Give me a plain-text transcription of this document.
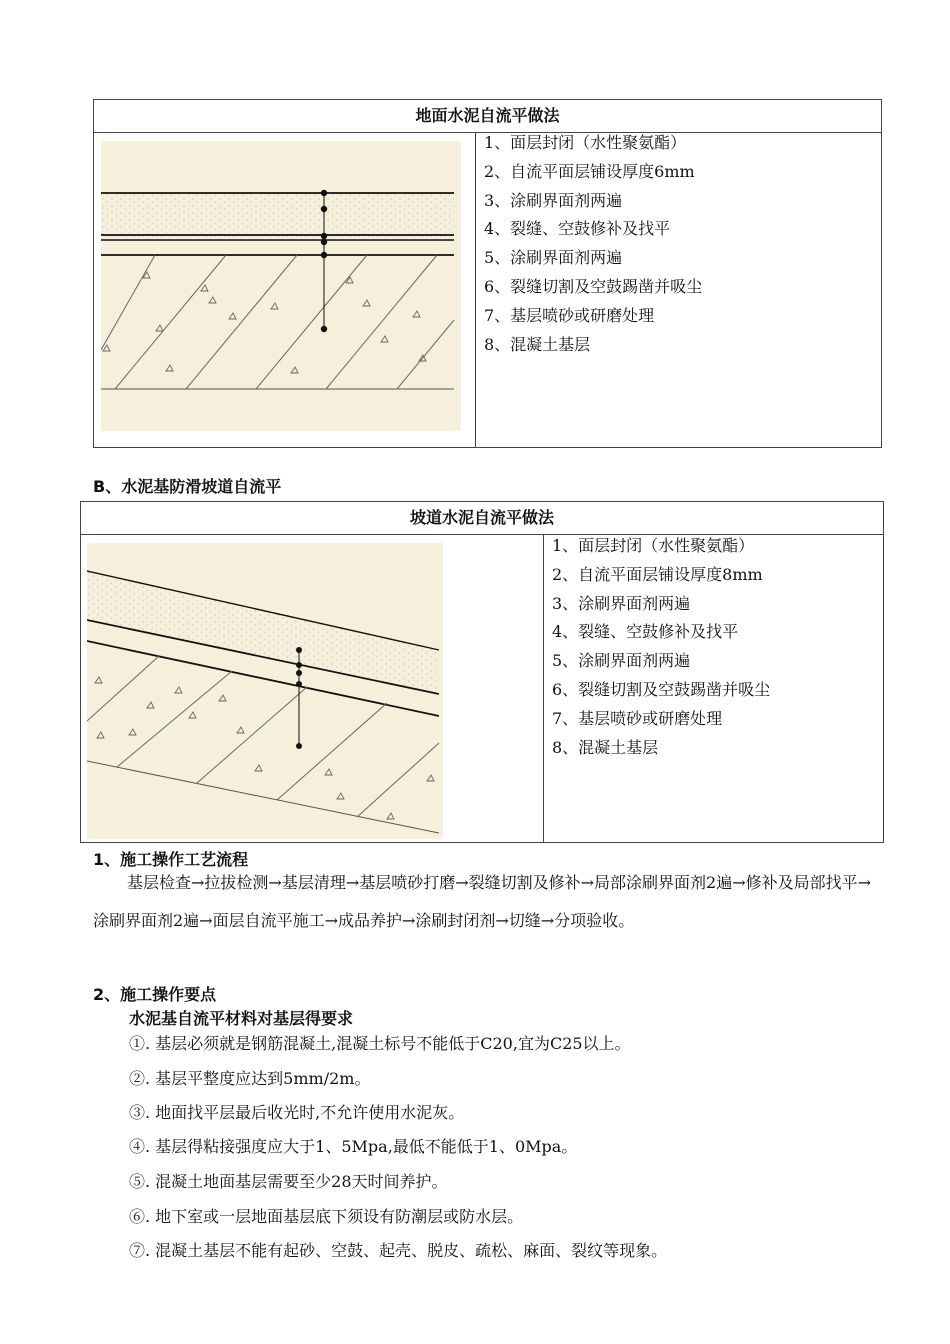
地面水泥自流平做法

1、面层封闭（水性聚氨酯）
2、自流平面层铺设厚度6mm
3、涂刷界面剂两遍
4、裂缝、空鼓修补及找平
5、涂刷界面剂两遍
6、裂缝切割及空鼓踢凿并吸尘
7、基层喷砂或研磨处理
8、混凝土基层
B、水泥基防滑坡道自流平
坡道水泥自流平做法

1、面层封闭（水性聚氨酯）
2、自流平面层铺设厚度8mm
3、涂刷界面剂两遍
4、裂缝、空鼓修补及找平
5、涂刷界面剂两遍
6、裂缝切割及空鼓踢凿并吸尘
7、基层喷砂或研磨处理
8、混凝土基层
1、施工操作工艺流程
基层检查→拉拔检测→基层清理→基层喷砂打磨→裂缝切割及修补→局部涂刷界面剂2遍→修补及局部找平→涂刷界面剂2遍→面层自流平施工→成品养护→涂刷封闭剂→切缝→分项验收。
2、施工操作要点
水泥基自流平材料对基层得要求
①. 基层必须就是钢筋混凝土,混凝土标号不能低于C20,宜为C25以上。
②. 基层平整度应达到5mm/2m。
③. 地面找平层最后收光时,不允许使用水泥灰。
④. 基层得粘接强度应大于1、5Mpa,最低不能低于1、0Mpa。
⑤. 混凝土地面基层需要至少28天时间养护。
⑥. 地下室或一层地面基层底下须设有防潮层或防水层。
⑦. 混凝土基层不能有起砂、空鼓、起壳、脱皮、疏松、麻面、裂纹等现象。
